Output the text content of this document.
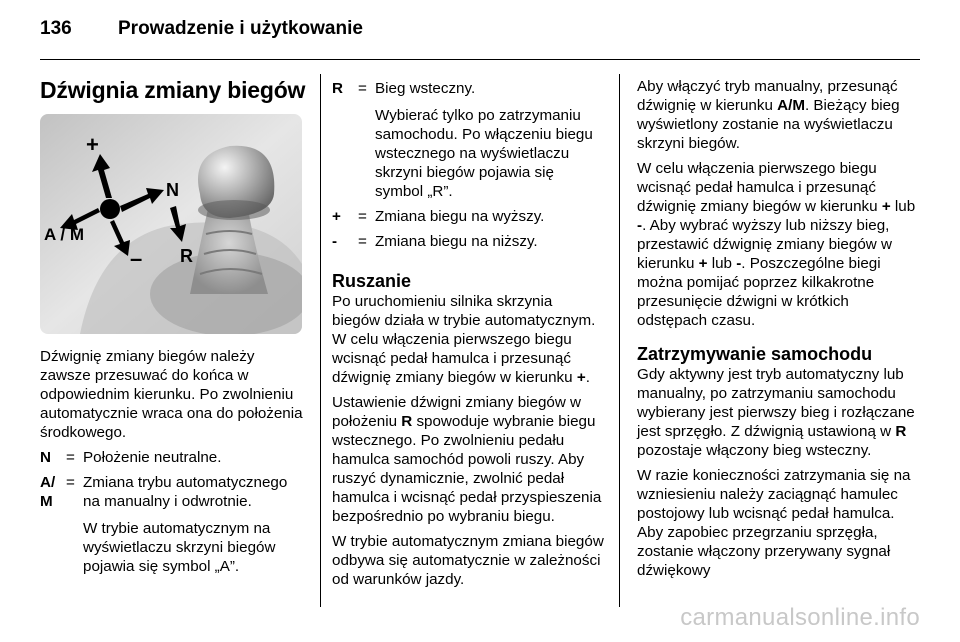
136 Prowadzenie i użytkowanie
Dźwignia zmiany biegów
+
–
N
R
A / M

Dźwignię zmiany biegów należy zawsze przesuwać do końca w odpowiednim kierunku. Po zwolnieniu automatycznie wraca ona do położenia środkowego.

N = Położenie neutralne.

A/
M
= Zmiana trybu automatycznego na manualny i odwrotnie.

W trybie automatycznym na wyświetlaczu skrzyni biegów pojawia się symbol „A”.

R = Bieg wsteczny.

Wybierać tylko po zatrzymaniu samochodu. Po włączeniu biegu wstecznego na wyświetlaczu skrzyni biegów pojawia się symbol „R”.

+	= Zmiana biegu na wyższy.

-	= Zmiana biegu na niższy.

Ruszanie

Po uruchomieniu silnika skrzynia biegów działa w trybie automatycznym. W celu włączenia pierwszego biegu wcisnąć pedał hamulca i przesunąć dźwignię zmiany biegów w kierunku +.

Ustawienie dźwigni zmiany biegów w położeniu R spowoduje wybranie biegu wstecznego. Po zwolnieniu pedału hamulca samochód powoli ruszy. Aby ruszyć dynamicznie, zwolnić pedał hamulca i wcisnąć pedał przyspieszenia bezpośrednio po wybraniu biegu.

W trybie automatycznym zmiana biegów odbywa się automatycznie w zależności od warunków jazdy.

Aby włączyć tryb manualny, przesunąć dźwignię w kierunku A/M. Bieżący bieg wyświetlony zostanie na wyświetlaczu skrzyni biegów.

W celu włączenia pierwszego biegu wcisnąć pedał hamulca i przesunąć dźwignię zmiany biegów w kierunku + lub -. Aby wybrać wyższy lub niższy bieg, przestawić dźwignię zmiany biegów w kierunku + lub -. Poszczególne biegi można pomijać poprzez kilkakrotne przesunięcie dźwigni w krótkich odstępach czasu.

Zatrzymywanie samochodu

Gdy aktywny jest tryb automatyczny lub manualny, po zatrzymaniu samochodu wybierany jest pierwszy bieg i rozłączane jest sprzęgło. Z dźwignią ustawioną w R pozostaje włączony bieg wsteczny.

W razie konieczności zatrzymania się na wzniesieniu należy zaciągnąć hamulec postojowy lub wcisnąć pedał hamulca. Aby zapobiec przegrzaniu sprzęgła, zostanie włączony przerywany sygnał dźwiękowy

carmanualsonline.info
